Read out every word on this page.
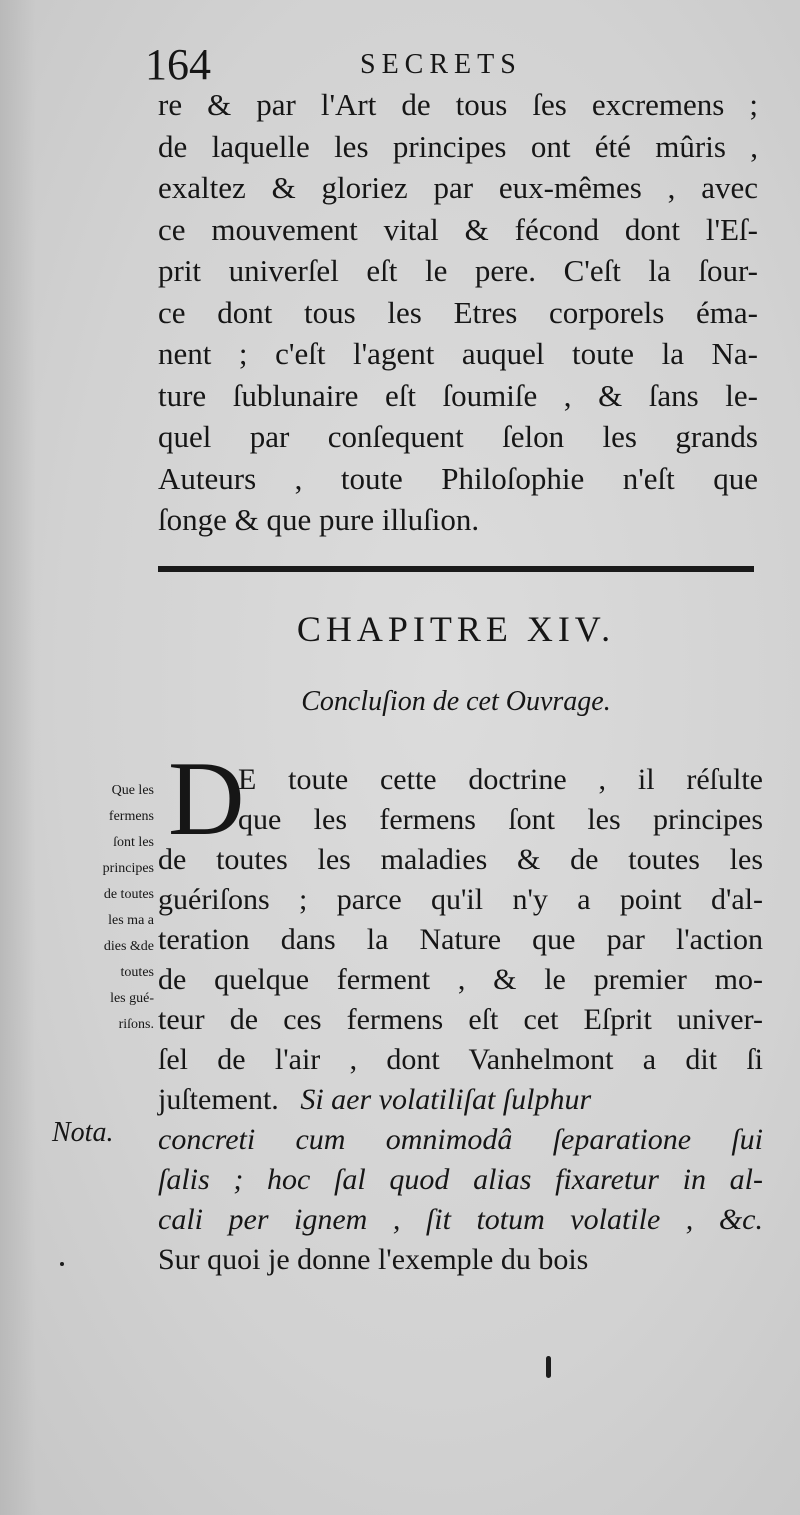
164	SECRETS
re & par l'Art de tous ſes excremens ;
de laquelle les principes ont été mûris ,
exaltez & gloriez par eux-mêmes , avec
ce mouvement vital & fécond dont l'Eſ-
prit univerſel eſt le pere. C'eſt la ſour-
ce dont tous les Etres corporels éma-
nent ; c'eſt l'agent auquel toute la Na-
ture ſublunaire eſt ſoumiſe , & ſans le-
quel par conſequent ſelon les grands
Auteurs , toute Philoſophie n'eſt que
ſonge & que pure illuſion.
CHAPITRE XIV.
Concluſion de cet Ouvrage.
D
E toute cette doctrine , il réſulte
que les fermens ſont les principes
de toutes les maladies & de toutes les
guériſons ; parce qu'il n'y a point d'al-
teration dans la Nature que par l'action
de quelque ferment , & le premier mo-
teur de ces fermens eſt cet Eſprit univer-
ſel de l'air , dont Vanhelmont a dit ſi
juſtement. Si aer volatiliſat ſulphur
concreti cum omnimodâ ſeparatione ſui
ſalis ; hoc ſal quod alias fixaretur in al-
cali per ignem , ſit totum volatile , &c.
Sur quoi je donne l'exemple du bois
Que les
fermens
ſont les
principes
de toutes
les ma a
dies &de
toutes
les gué-
riſons.
Nota.
